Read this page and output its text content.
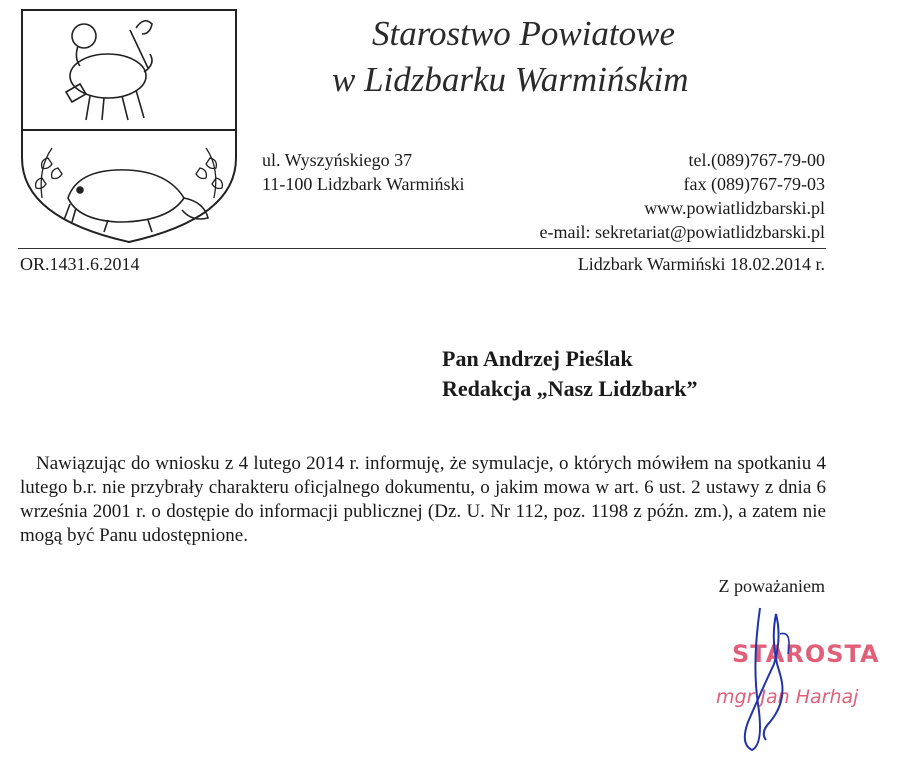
Starostwo Powiatowe
w Lidzbarku Warmińskim
ul. Wyszyńskiego 37
11-100 Lidzbark Warmiński
tel.(089)767-79-00
fax (089)767-79-03
www.powiatlidzbarski.pl
e-mail: sekretariat@powiatlidzbarski.pl
OR.1431.6.2014	Lidzbark Warmiński 18.02.2014 r.
Pan Andrzej Pieślak
Redakcja „Nasz Lidzbark”
Nawiązując do wniosku z 4 lutego 2014 r. informuję, że symulacje, o których mówiłem na spotkaniu 4 lutego b.r. nie przybrały charakteru oficjalnego dokumentu, o jakim mowa w art. 6 ust. 2 ustawy z dnia 6 września 2001 r. o dostępie do informacji publicznej (Dz. U. Nr 112, poz. 1198 z późn. zm.), a zatem nie mogą być Panu udostępnione.
Z poważaniem
STAROSTA
mgr Jan Harhaj
